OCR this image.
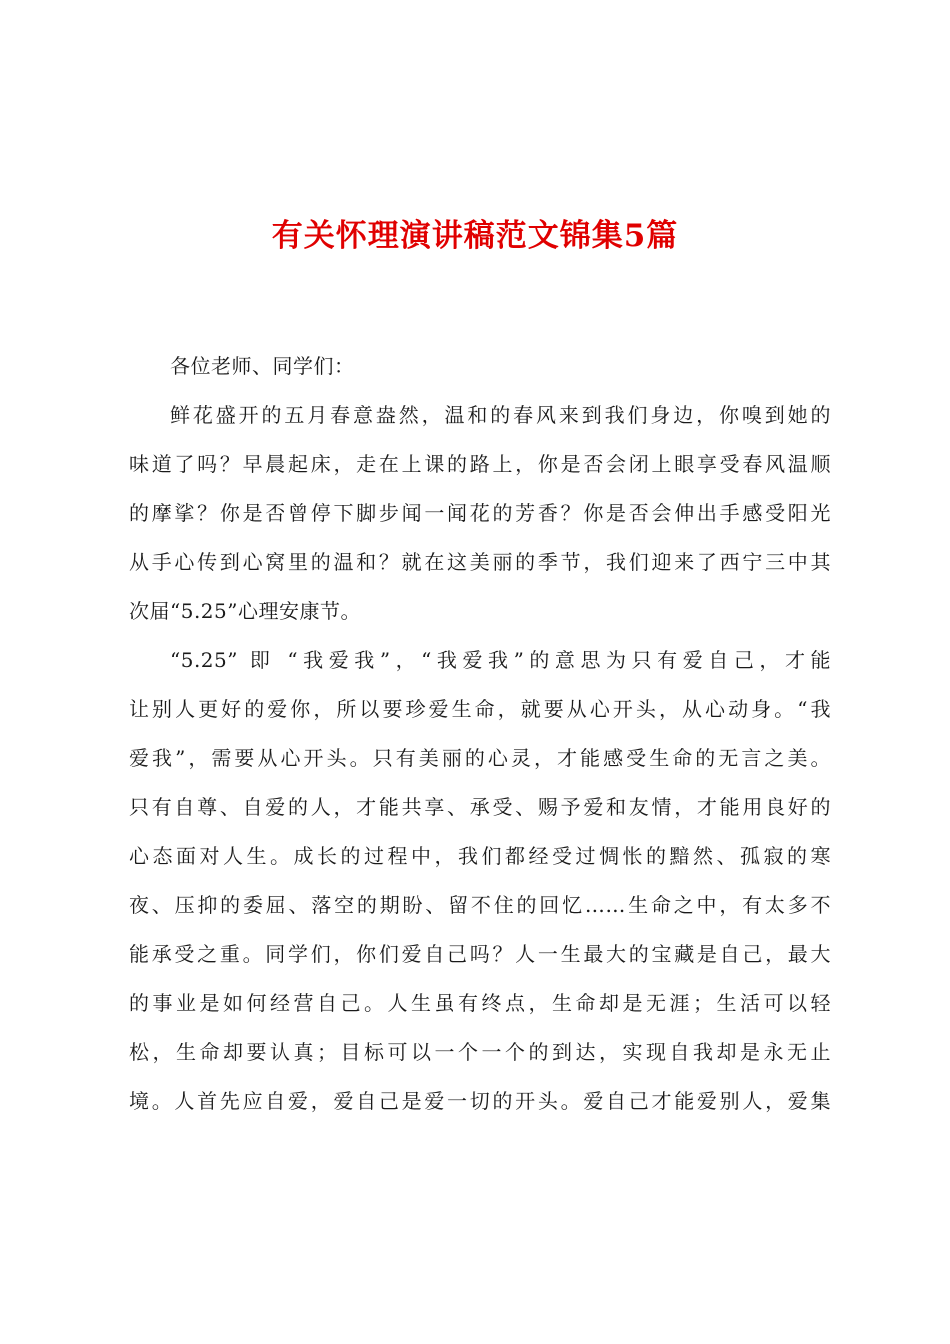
有关怀理演讲稿范文锦集5篇
各位老师、同学们：
鲜花盛开的五月春意盎然，温和的春风来到我们身边，你嗅到她的
味道了吗？早晨起床，走在上课的路上，你是否会闭上眼享受春风温顺
的摩挲？你是否曾停下脚步闻一闻花的芳香？你是否会伸出手感受阳光
从手心传到心窝里的温和？就在这美丽的季节，我们迎来了西宁三中其
次届“5.25”心理安康节。
“5.25” 即 “我爱我”，“我爱我”的意思为只有爱自己，才能
让别人更好的爱你，所以要珍爱生命，就要从心开头，从心动身。“我
爱我”，需要从心开头。只有美丽的心灵，才能感受生命的无言之美。
只有自尊、自爱的人，才能共享、承受、赐予爱和友情，才能用良好的
心态面对人生。成长的过程中，我们都经受过惆怅的黯然、孤寂的寒
夜、压抑的委屈、落空的期盼、留不住的回忆……生命之中，有太多不
能承受之重。同学们，你们爱自己吗？人一生最大的宝藏是自己，最大
的事业是如何经营自己。人生虽有终点，生命却是无涯；生活可以轻
松，生命却要认真；目标可以一个一个的到达，实现自我却是永无止
境。人首先应自爱，爱自己是爱一切的开头。爱自己才能爱别人，爱集
